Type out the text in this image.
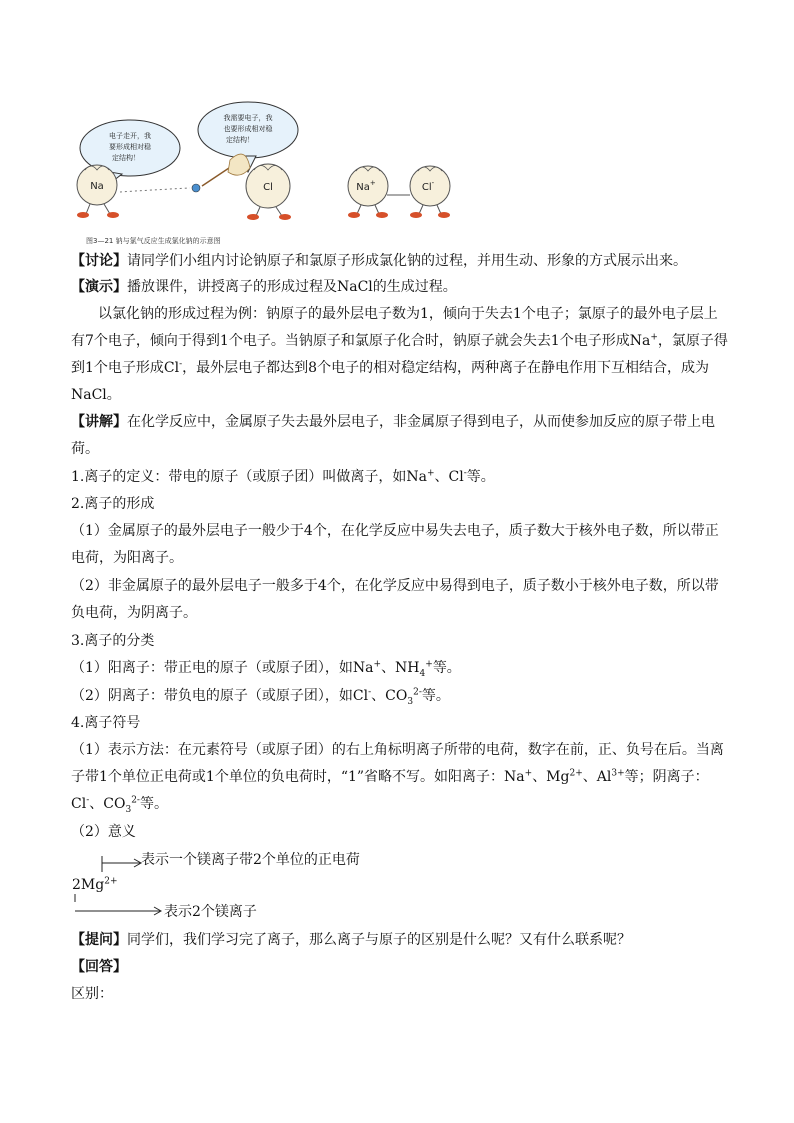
电子走开，我
要形成相对稳
定结构！
我需要电子，我
也要形成相对稳
定结构！
Na	Cl	Na+	Cl-
图3—21 钠与氯气反应生成氯化钠的示意图
【讨论】请同学们小组内讨论钠原子和氯原子形成氯化钠的过程，并用生动、形象的方式展示出来。
【演示】播放课件，讲授离子的形成过程及NaCl的生成过程。
以氯化钠的形成过程为例：钠原子的最外层电子数为1，倾向于失去1个电子；氯原子的最外电子层上
有7个电子，倾向于得到1个电子。当钠原子和氯原子化合时，钠原子就会失去1个电子形成Na+，氯原子得
到1个电子形成Cl-，最外层电子都达到8个电子的相对稳定结构，两种离子在静电作用下互相结合，成为
NaCl。
【讲解】在化学反应中，金属原子失去最外层电子，非金属原子得到电子，从而使参加反应的原子带上电
荷。
1.离子的定义：带电的原子（或原子团）叫做离子，如Na+、Cl-等。
2.离子的形成
（1）金属原子的最外层电子一般少于4个，在化学反应中易失去电子，质子数大于核外电子数，所以带正
电荷，为阳离子。
（2）非金属原子的最外层电子一般多于4个，在化学反应中易得到电子，质子数小于核外电子数，所以带
负电荷，为阴离子。
3.离子的分类
（1）阳离子：带正电的原子（或原子团），如Na+、$NH_4^+$等。
（2）阴离子：带负电的原子（或原子团），如Cl-、$CO_3^{2-}$等。
4.离子符号
（1）表示方法：在元素符号（或原子团）的右上角标明离子所带的电荷，数字在前，正、负号在后。当离
子带1个单位正电荷或1个单位的负电荷时，“1”省略不写。如阳离子：Na+、$Mg^{2+}$、$Al^{3+}$等；阴离子：
Cl-、$CO_3^{2-}$等。
（2）意义
表示一个镁离子带2个单位的正电荷
$2Mg^{2+}$
表示2个镁离子
【提问】同学们，我们学习完了离子，那么离子与原子的区别是什么呢？又有什么联系呢？
【回答】
区别：
